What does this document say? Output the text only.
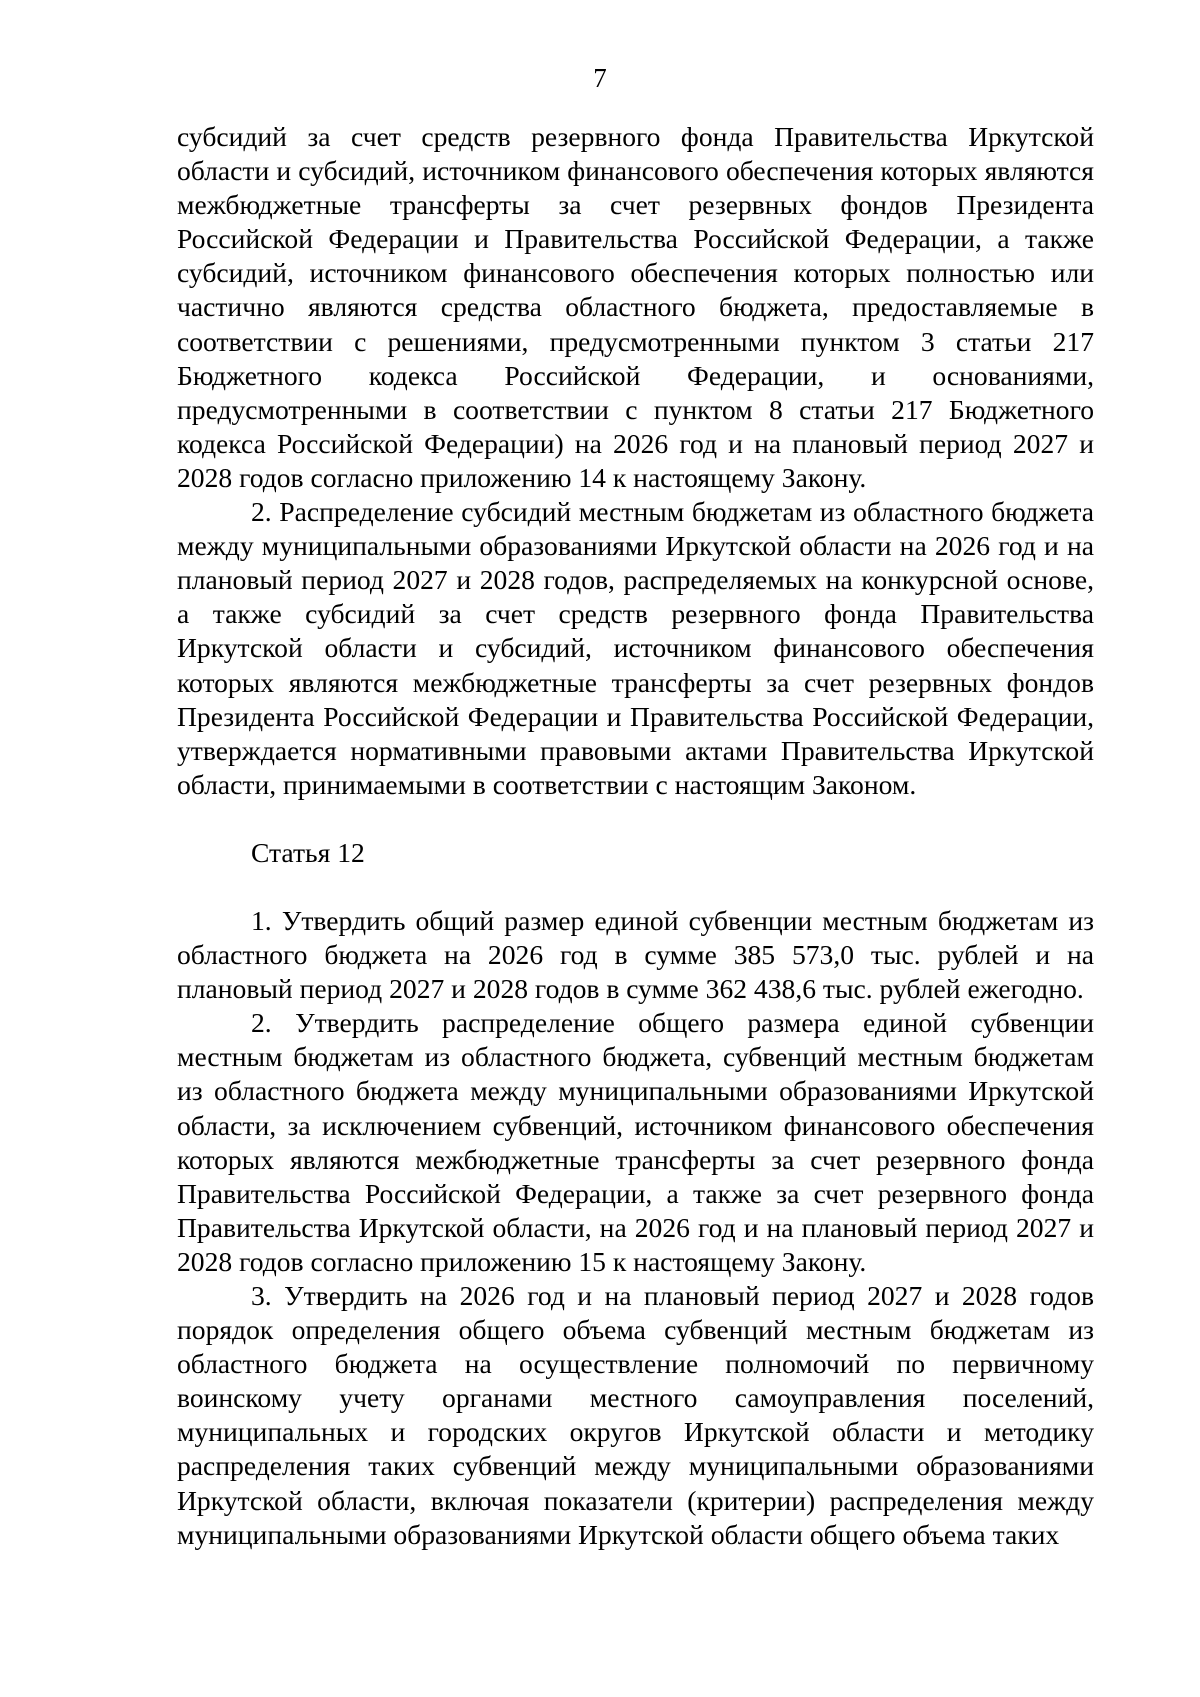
7

субсидий за счет средств резервного фонда Правительства Иркутской области и субсидий, источником финансового обеспечения которых являются межбюджетные трансферты за счет резервных фондов Президента Российской Федерации и Правительства Российской Федерации, а также субсидий, источником финансового обеспечения которых полностью или частично являются средства областного бюджета, предоставляемые в соответствии с решениями, предусмотренными пунктом 3 статьи 217 Бюджетного кодекса Российской Федерации, и основаниями, предусмотренными в соответствии с пунктом 8 статьи 217 Бюджетного кодекса Российской Федерации) на 2026 год и на плановый период 2027 и 2028 годов согласно приложению 14 к настоящему Закону.

2. Распределение субсидий местным бюджетам из областного бюджета между муниципальными образованиями Иркутской области на 2026 год и на плановый период 2027 и 2028 годов, распределяемых на конкурсной основе, а также субсидий за счет средств резервного фонда Правительства Иркутской области и субсидий, источником финансового обеспечения которых являются межбюджетные трансферты за счет резервных фондов Президента Российской Федерации и Правительства Российской Федерации, утверждается нормативными правовыми актами Правительства Иркутской области, принимаемыми в соответствии с настоящим Законом.

Статья 12

1. Утвердить общий размер единой субвенции местным бюджетам из областного бюджета на 2026 год в сумме 385 573,0 тыс. рублей и на плановый период 2027 и 2028 годов в сумме 362 438,6 тыс. рублей ежегодно.

2. Утвердить распределение общего размера единой субвенции местным бюджетам из областного бюджета, субвенций местным бюджетам из областного бюджета между муниципальными образованиями Иркутской области, за исключением субвенций, источником финансового обеспечения которых являются межбюджетные трансферты за счет резервного фонда Правительства Российской Федерации, а также за счет резервного фонда Правительства Иркутской области, на 2026 год и на плановый период 2027 и 2028 годов согласно приложению 15 к настоящему Закону.

3. Утвердить на 2026 год и на плановый период 2027 и 2028 годов порядок определения общего объема субвенций местным бюджетам из областного бюджета на осуществление полномочий по первичному воинскому учету органами местного самоуправления поселений, муниципальных и городских округов Иркутской области и методику распределения таких субвенций между муниципальными образованиями Иркутской области, включая показатели (критерии) распределения между муниципальными образованиями Иркутской области общего объема таких
